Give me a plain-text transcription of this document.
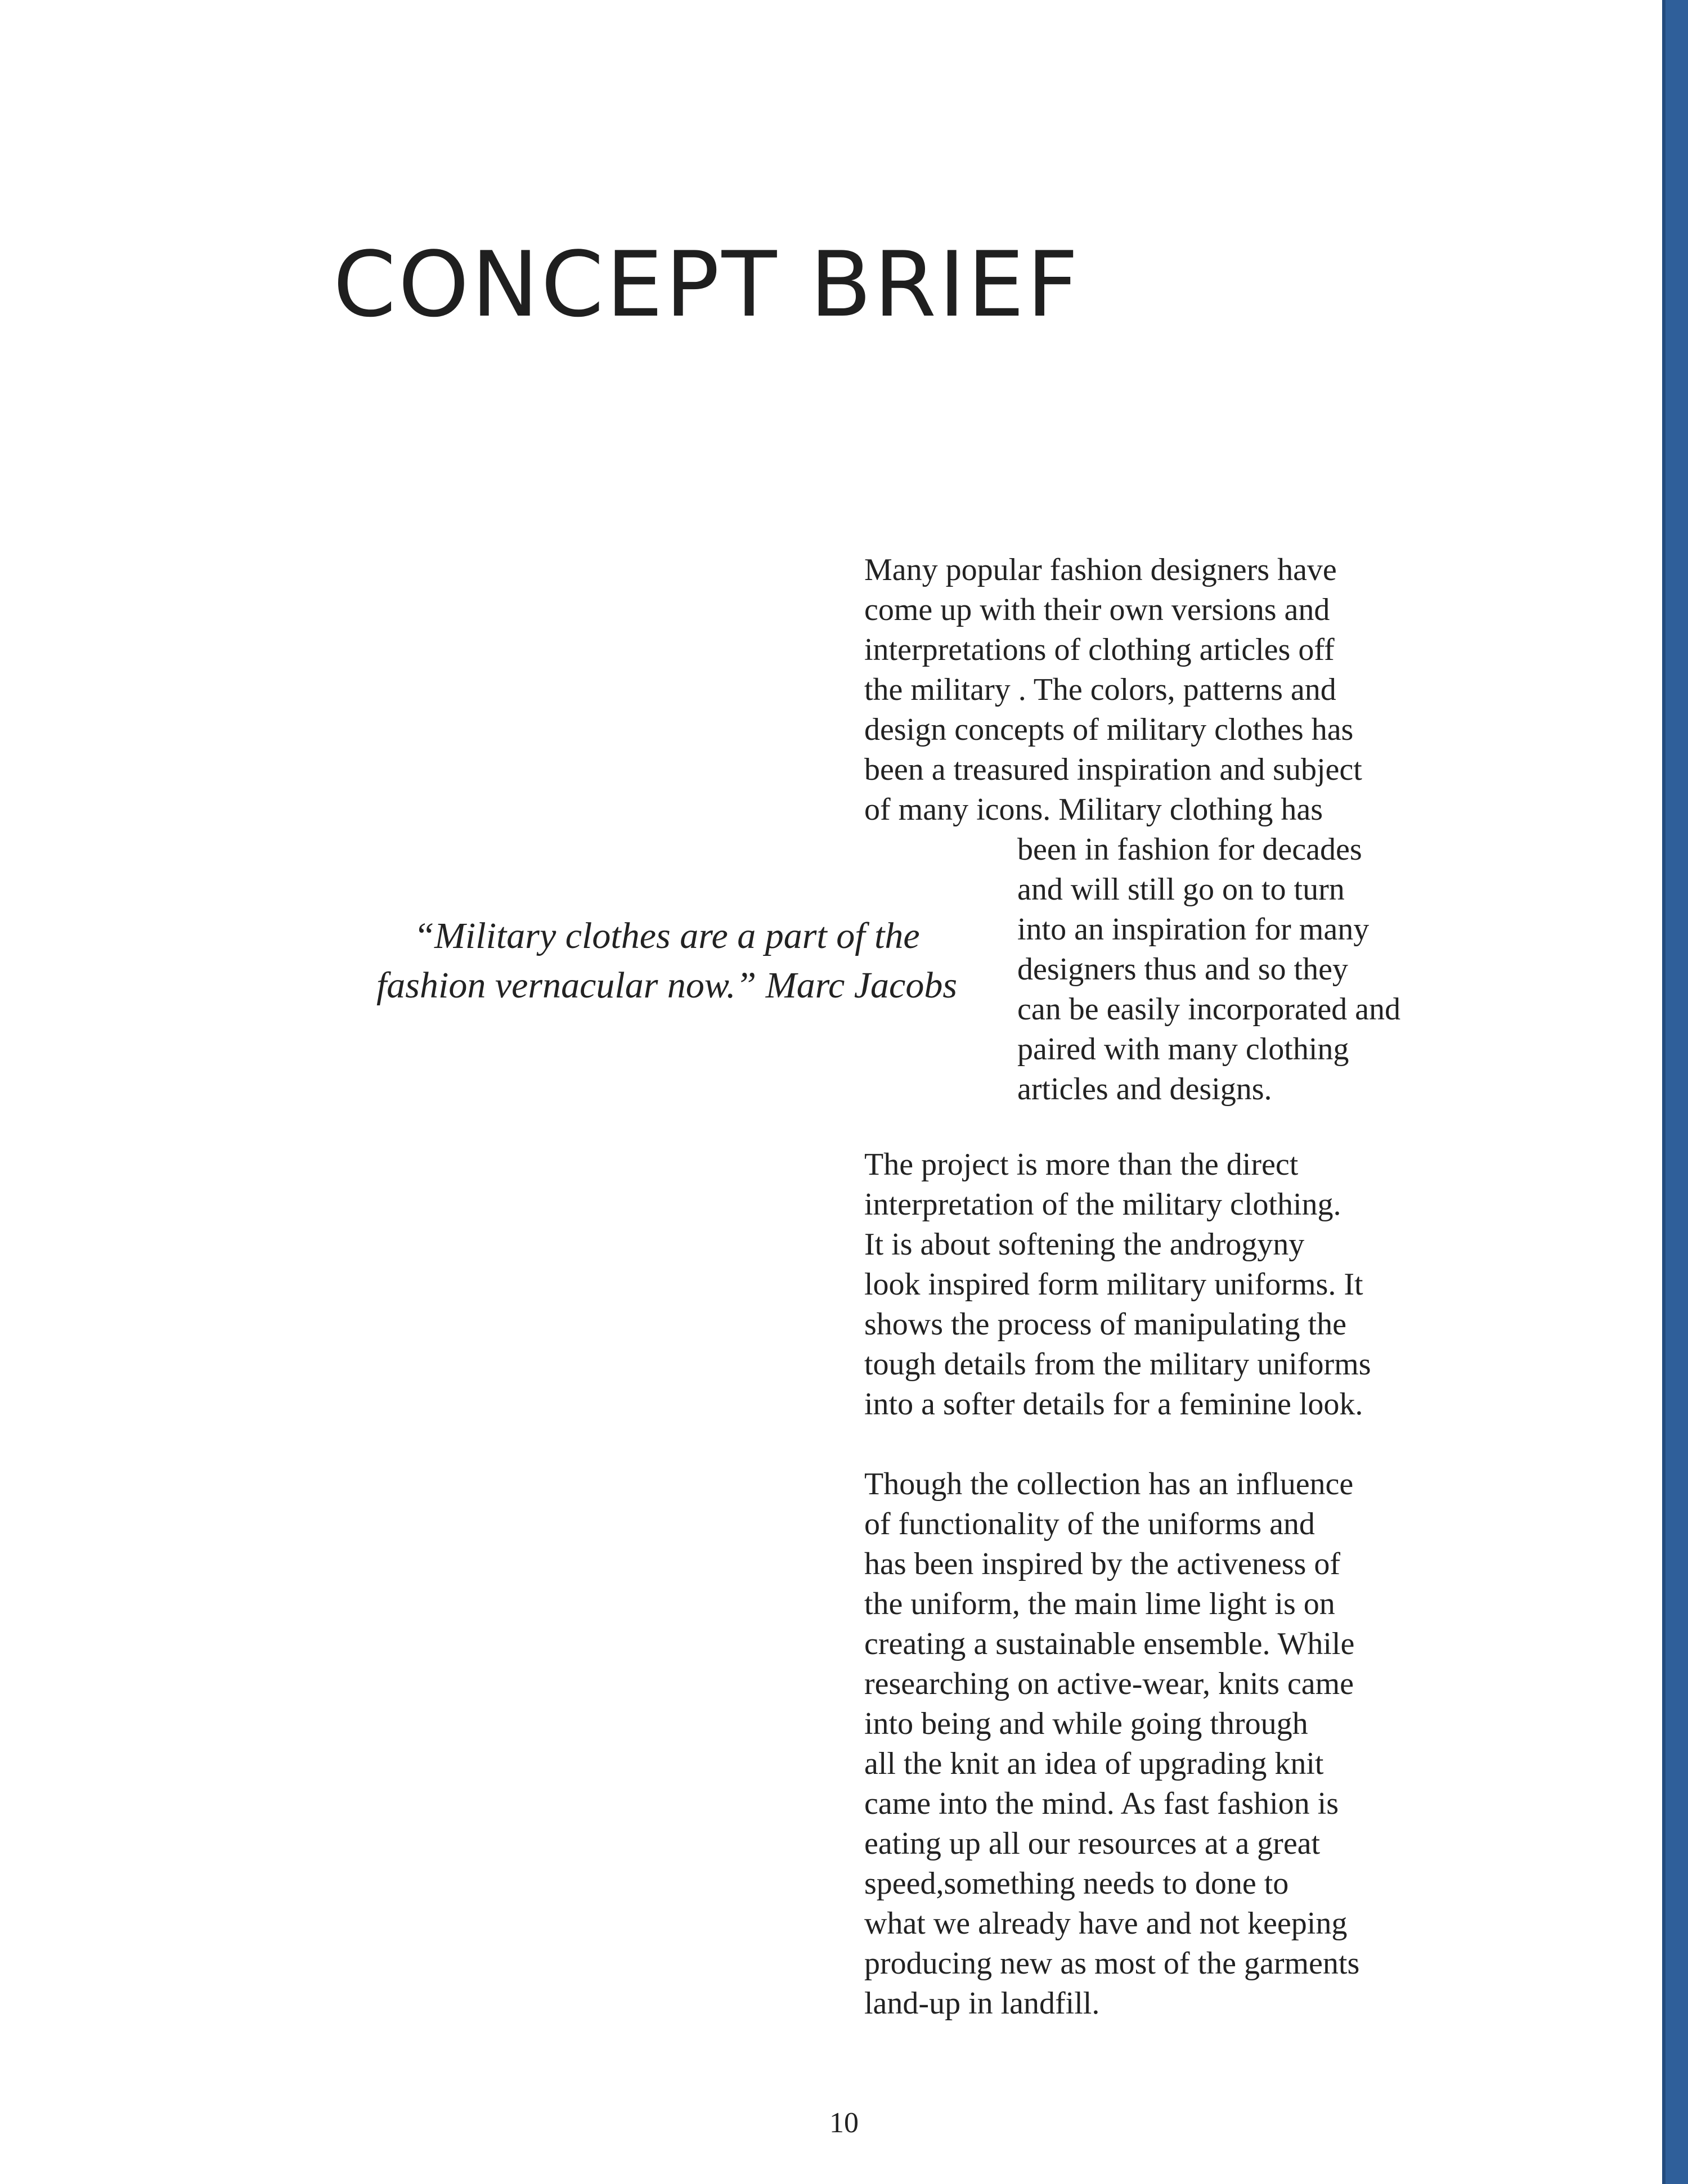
CONCEPT BRIEF
Many popular fashion designers have
come up with their own versions and
interpretations of clothing articles off
the military . The colors, patterns and
design concepts of military clothes has
been a treasured inspiration and subject
of many icons. Military clothing has
been in fashion for decades
and will still go on to turn
into an inspiration for many
designers thus and so they
can be easily incorporated and
paired with many clothing
articles and designs.
“Military clothes are a part of the
fashion vernacular now.” Marc Jacobs
The project is more than the direct
interpretation of the military clothing.
It is about softening the androgyny
look inspired form military uniforms. It
shows the process of manipulating the
tough details from the military uniforms
into a softer details for a feminine look.
Though the collection has an influence
of functionality of the uniforms and
has been inspired by the activeness of
the uniform, the main lime light is on
creating a sustainable ensemble. While
researching on active-wear, knits came
into being and while going through
all the knit an idea of upgrading knit
came into the mind. As fast fashion is
eating up all our resources at a great
speed,something needs to done to
what we already have and not keeping
producing new as most of the garments
land-up in landfill.
10
